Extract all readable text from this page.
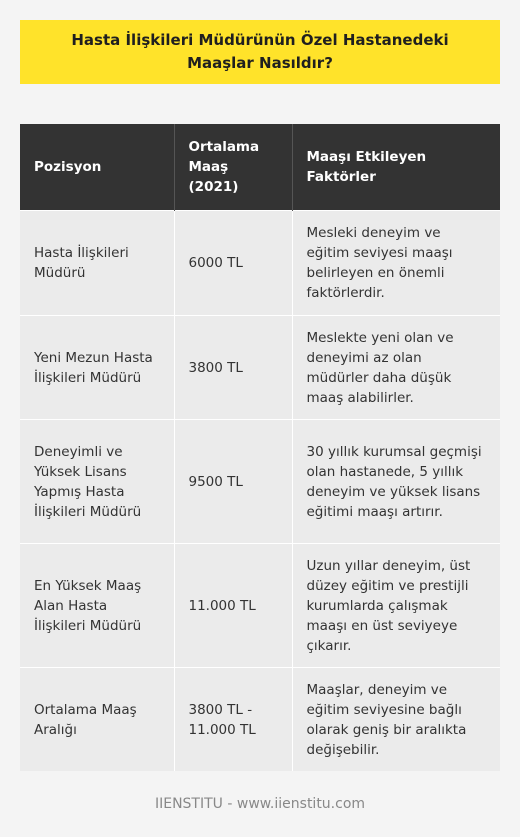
Hasta İlişkileri Müdürünün Özel Hastanedeki Maaşlar Nasıldır?
Pozisyon	Ortalama Maaş (2021)	Maaşı Etkileyen Faktörler
Hasta İlişkileri Müdürü	6000 TL	Mesleki deneyim ve eğitim seviyesi maaşı belirleyen en önemli faktörlerdir.
Yeni Mezun Hasta İlişkileri Müdürü	3800 TL	Meslekte yeni olan ve deneyimi az olan müdürler daha düşük maaş alabilirler.
Deneyimli ve Yüksek Lisans Yapmış Hasta İlişkileri Müdürü	9500 TL	30 yıllık kurumsal geçmişi olan hastanede, 5 yıllık deneyim ve yüksek lisans eğitimi maaşı artırır.
En Yüksek Maaş Alan Hasta İlişkileri Müdürü	11.000 TL	Uzun yıllar deneyim, üst düzey eğitim ve prestijli kurumlarda çalışmak maaşı en üst seviyeye çıkarır.
Ortalama Maaş Aralığı	3800 TL - 11.000 TL	Maaşlar, deneyim ve eğitim seviyesine bağlı olarak geniş bir aralıkta değişebilir.
IIENSTITU - www.iienstitu.com
